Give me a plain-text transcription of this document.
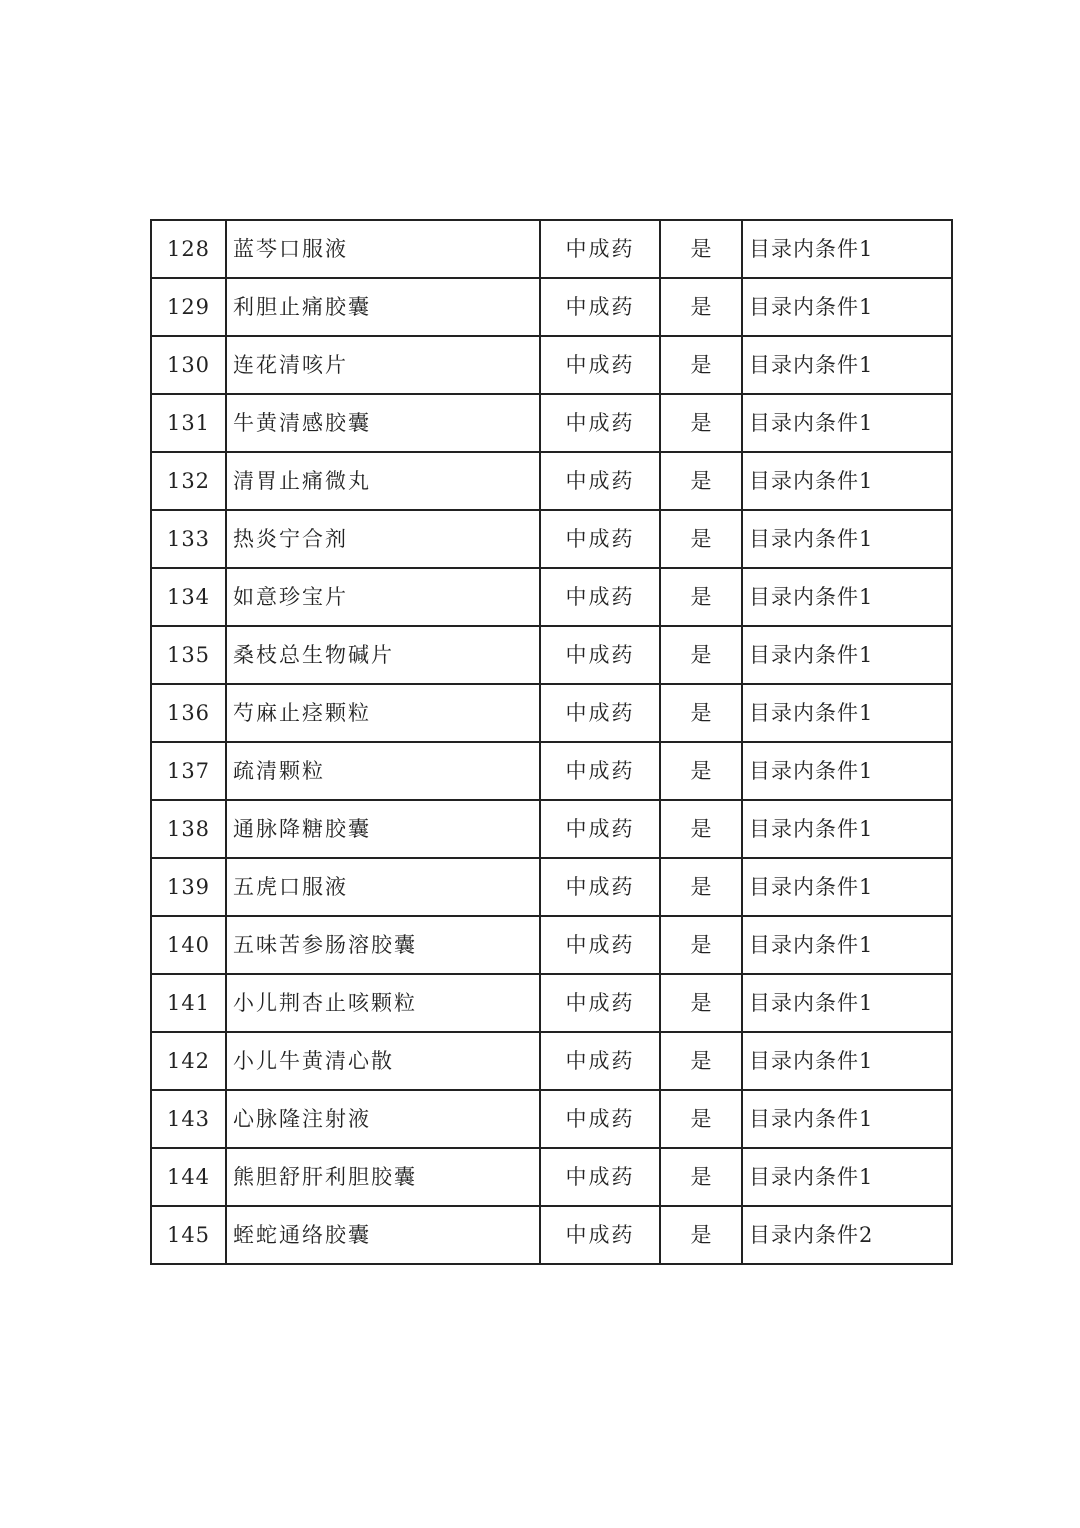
128	蓝芩口服液	中成药	是	目录内条件1
129	利胆止痛胶囊	中成药	是	目录内条件1
130	连花清咳片	中成药	是	目录内条件1
131	牛黄清感胶囊	中成药	是	目录内条件1
132	清胃止痛微丸	中成药	是	目录内条件1
133	热炎宁合剂	中成药	是	目录内条件1
134	如意珍宝片	中成药	是	目录内条件1
135	桑枝总生物碱片	中成药	是	目录内条件1
136	芍麻止痉颗粒	中成药	是	目录内条件1
137	疏清颗粒	中成药	是	目录内条件1
138	通脉降糖胶囊	中成药	是	目录内条件1
139	五虎口服液	中成药	是	目录内条件1
140	五味苦参肠溶胶囊	中成药	是	目录内条件1
141	小儿荆杏止咳颗粒	中成药	是	目录内条件1
142	小儿牛黄清心散	中成药	是	目录内条件1
143	心脉隆注射液	中成药	是	目录内条件1
144	熊胆舒肝利胆胶囊	中成药	是	目录内条件1
145	蛭蛇通络胶囊	中成药	是	目录内条件2
